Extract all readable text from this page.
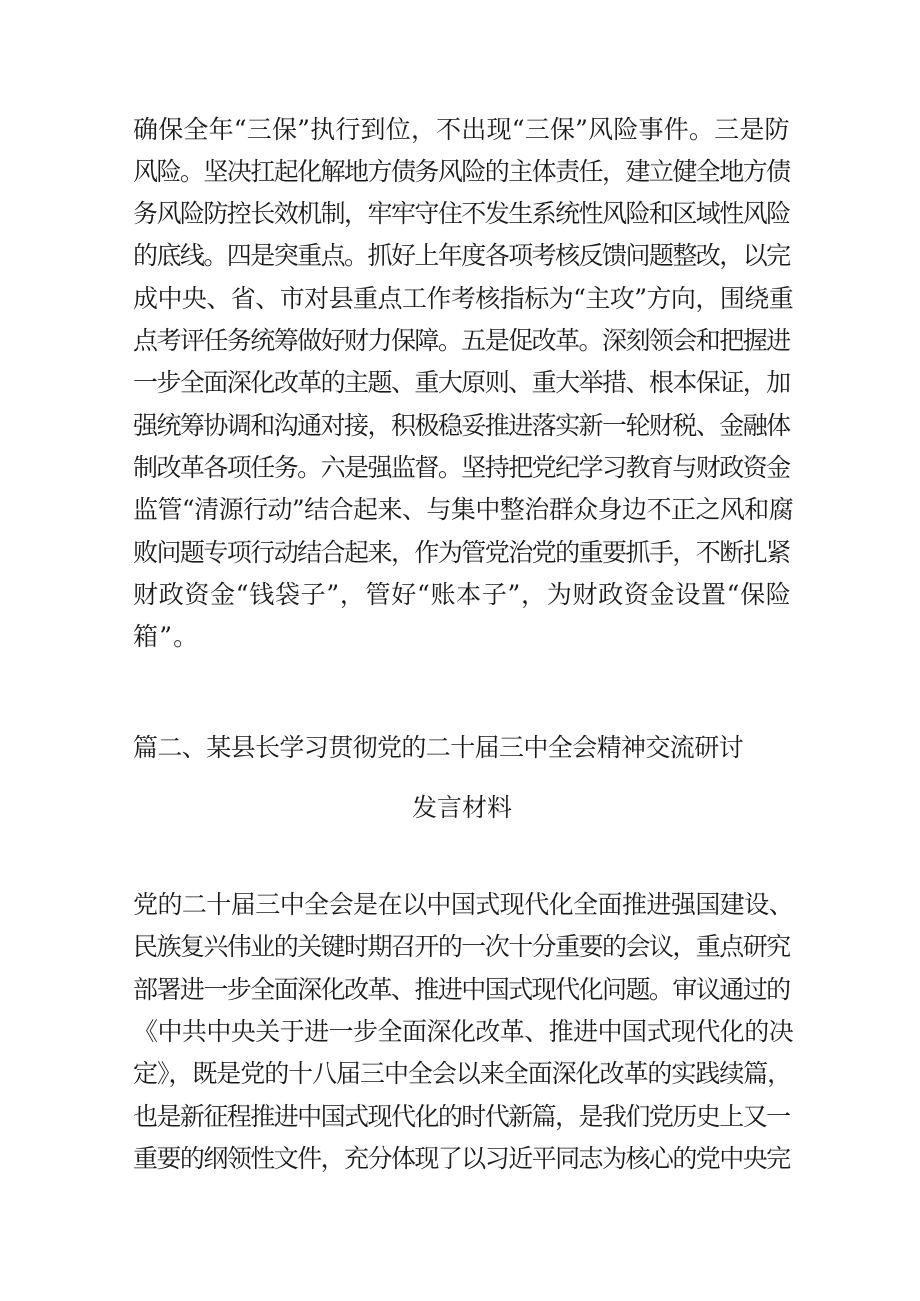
确保全年“三保”执行到位，不出现“三保”风险事件。三是防
风险。坚决扛起化解地方债务风险的主体责任，建立健全地方债
务风险防控长效机制，牢牢守住不发生系统性风险和区域性风险
的底线。四是突重点。抓好上年度各项考核反馈问题整改，以完
成中央、省、市对县重点工作考核指标为“主攻”方向，围绕重
点考评任务统筹做好财力保障。五是促改革。深刻领会和把握进
一步全面深化改革的主题、重大原则、重大举措、根本保证，加
强统筹协调和沟通对接，积极稳妥推进落实新一轮财税、金融体
制改革各项任务。六是强监督。坚持把党纪学习教育与财政资金
监管“清源行动”结合起来、与集中整治群众身边不正之风和腐
败问题专项行动结合起来，作为管党治党的重要抓手，不断扎紧
财政资金“钱袋子”，管好“账本子”，为财政资金设置“保险
箱”。
篇二、某县长学习贯彻党的二十届三中全会精神交流研讨
发言材料
党的二十届三中全会是在以中国式现代化全面推进强国建设、
民族复兴伟业的关键时期召开的一次十分重要的会议，重点研究
部署进一步全面深化改革、推进中国式现代化问题。审议通过的
《中共中央关于进一步全面深化改革、推进中国式现代化的决
定》，既是党的十八届三中全会以来全面深化改革的实践续篇，
也是新征程推进中国式现代化的时代新篇，是我们党历史上又一
重要的纲领性文件，充分体现了以习近平同志为核心的党中央完
